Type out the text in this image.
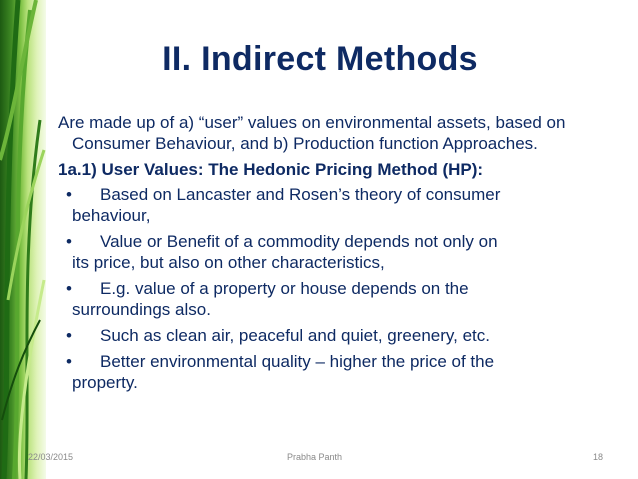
II. Indirect Methods
Are made up of a) “user” values on environmental assets, based on Consumer Behaviour, and b) Production function Approaches.
1a.1) User Values: The Hedonic Pricing Method (HP):
•	Based on Lancaster and Rosen’s theory of consumer
behaviour,
•	Value or Benefit of a commodity depends not only on
its price, but also on other characteristics,
•	E.g. value of a property or house depends on the
surroundings also.
•	Such as clean air, peaceful and quiet, greenery, etc.
•	Better environmental quality – higher the price of the
property.
22/03/2015	Prabha Panth	18
